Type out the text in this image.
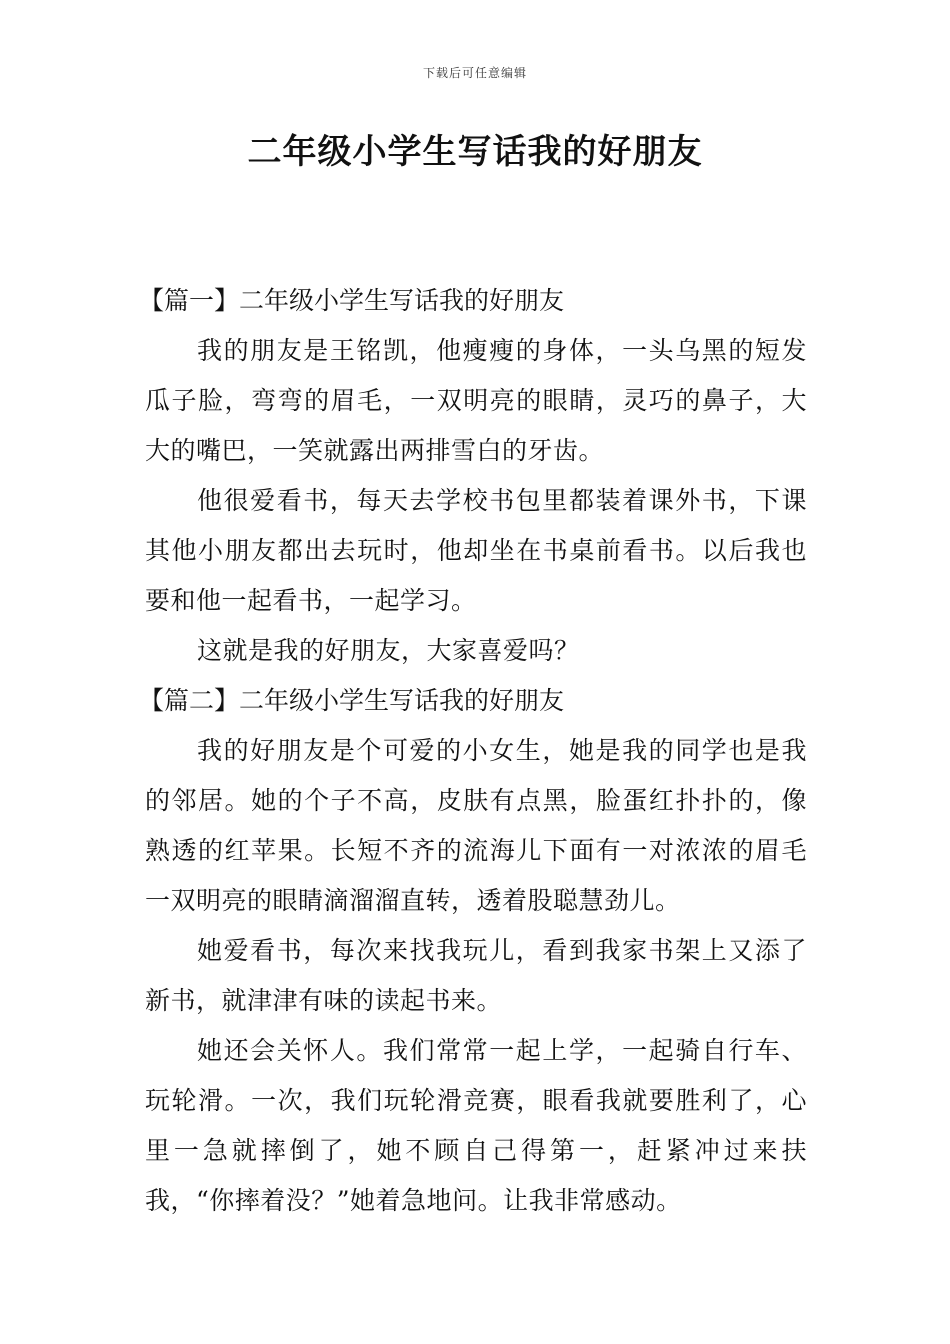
下载后可任意编辑
二年级小学生写话我的好朋友
【篇一】二年级小学生写话我的好朋友

我的朋友是王铭凯，他瘦瘦的身体，一头乌黑的短发瓜子脸，弯弯的眉毛，一双明亮的眼睛，灵巧的鼻子，大大的嘴巴，一笑就露出两排雪白的牙齿。

他很爱看书，每天去学校书包里都装着课外书，下课其他小朋友都出去玩时，他却坐在书桌前看书。以后我也要和他一起看书，一起学习。

这就是我的好朋友，大家喜爱吗？

【篇二】二年级小学生写话我的好朋友

我的好朋友是个可爱的小女生，她是我的同学也是我的邻居。她的个子不高，皮肤有点黑，脸蛋红扑扑的，像熟透的红苹果。长短不齐的流海儿下面有一对浓浓的眉毛一双明亮的眼睛滴溜溜直转，透着股聪慧劲儿。

她爱看书，每次来找我玩儿，看到我家书架上又添了新书，就津津有味的读起书来。

她还会关怀人。我们常常一起上学，一起骑自行车、玩轮滑。一次，我们玩轮滑竞赛，眼看我就要胜利了，心里一急就摔倒了，她不顾自己得第一，赶紧冲过来扶我，“你摔着没？”她着急地问。让我非常感动。
